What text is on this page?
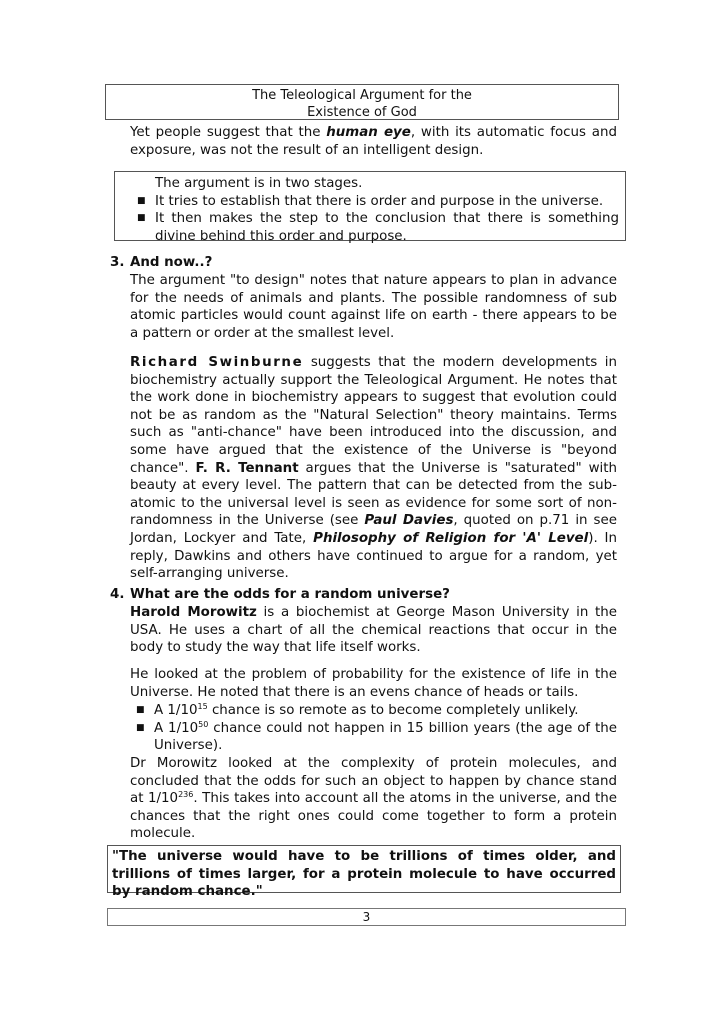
The Teleological Argument for the
Existence of God
Yet people suggest that the human eye, with its automatic focus and exposure, was not the result of an intelligent design.
The argument is in two stages.
■ It tries to establish that there is order and purpose in the universe.
■ It then makes the step to the conclusion that there is something divine behind this order and purpose.
3. And now..?
The argument "to design" notes that nature appears to plan in advance for the needs of animals and plants. The possible randomness of sub atomic particles would count against life on earth - there appears to be a pattern or order at the smallest level.
Richard Swinburne suggests that the modern developments in biochemistry actually support the Teleological Argument. He notes that the work done in biochemistry appears to suggest that evolution could not be as random as the "Natural Selection" theory maintains. Terms such as "anti-chance" have been introduced into the discussion, and some have argued that the existence of the Universe is "beyond chance". F. R. Tennant argues that the Universe is "saturated" with beauty at every level. The pattern that can be detected from the sub-atomic to the universal level is seen as evidence for some sort of non-randomness in the Universe (see Paul Davies, quoted on p.71 in see Jordan, Lockyer and Tate, Philosophy of Religion for 'A' Level). In reply, Dawkins and others have continued to argue for a random, yet self-arranging universe.
4. What are the odds for a random universe?
Harold Morowitz is a biochemist at George Mason University in the USA. He uses a chart of all the chemical reactions that occur in the body to study the way that life itself works.
He looked at the problem of probability for the existence of life in the Universe. He noted that there is an evens chance of heads or tails.
■ A $1/10^{15}$ chance is so remote as to become completely unlikely.
■ A $1/10^{50}$ chance could not happen in 15 billion years (the age of the Universe).
Dr Morowitz looked at the complexity of protein molecules, and concluded that the odds for such an object to happen by chance stand at $1/10^{236}$. This takes into account all the atoms in the universe, and the chances that the right ones could come together to form a protein molecule.
"The universe would have to be trillions of times older, and trillions of times larger, for a protein molecule to have occurred by random chance."
3
